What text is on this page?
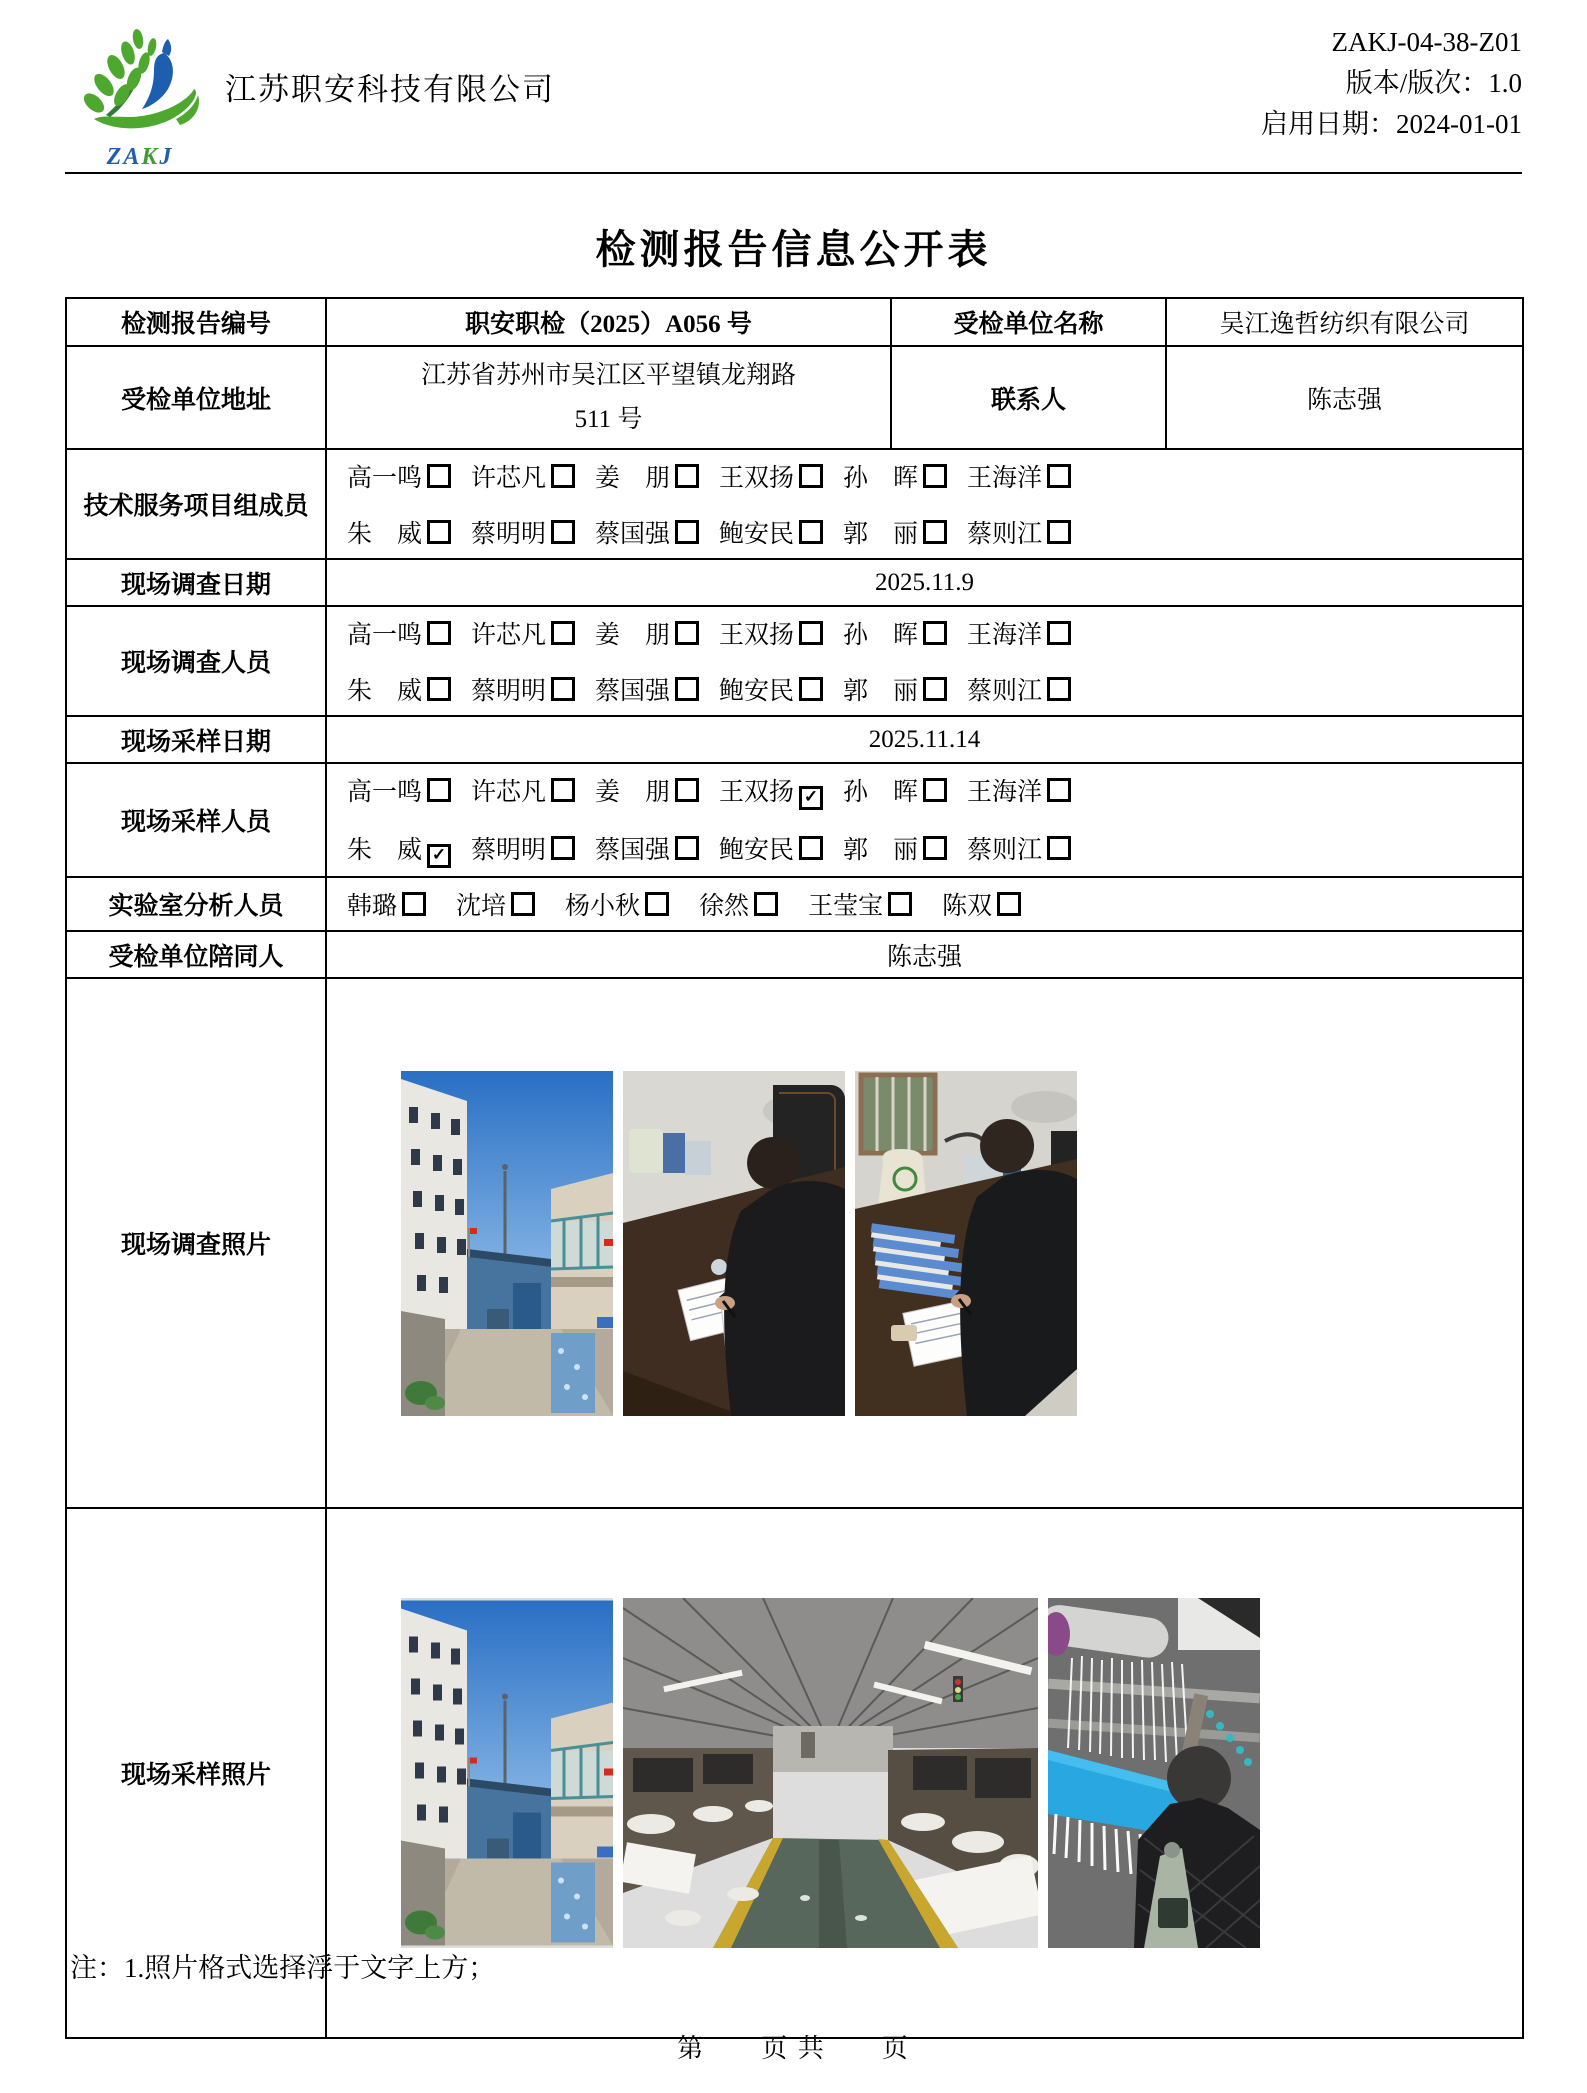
ZAKJ
江苏职安科技有限公司
ZAKJ-04-38-Z01
版本/版次：1.0
启用日期：2024-01-01
检测报告信息公开表
检测报告编号	职安职检（2025）A056 号	受检单位名称	吴江逸哲纺织有限公司
受检单位地址	江苏省苏州市吴江区平望镇龙翔路
511 号	联系人	陈志强
技术服务项目组成员	
高一鸣	许芯凡	姜　朋	王双扬	孙　晖	王海洋
朱　威	蔡明明	蔡国强	鲍安民	郭　丽	蔡则江

现场调查日期	2025.11.9		
现场调查人员	
高一鸣	许芯凡	姜　朋	王双扬	孙　晖	王海洋
朱　威	蔡明明	蔡国强	鲍安民	郭　丽	蔡则江

现场采样日期	2025.11.14		
现场采样人员	
高一鸣	许芯凡	姜　朋	王双扬 ✓ 孙　晖	王海洋
朱　威 ✓ 蔡明明	蔡国强	鲍安民	郭　丽	蔡则江

实验室分析人员	韩璐	沈培	杨小秋	徐然	王莹宝	陈双

受检单位陪同人	陈志强		
现场调查照片	

现场采样照片	
注：1.照片格式选择浮于文字上方；
第　　页 共　　页
